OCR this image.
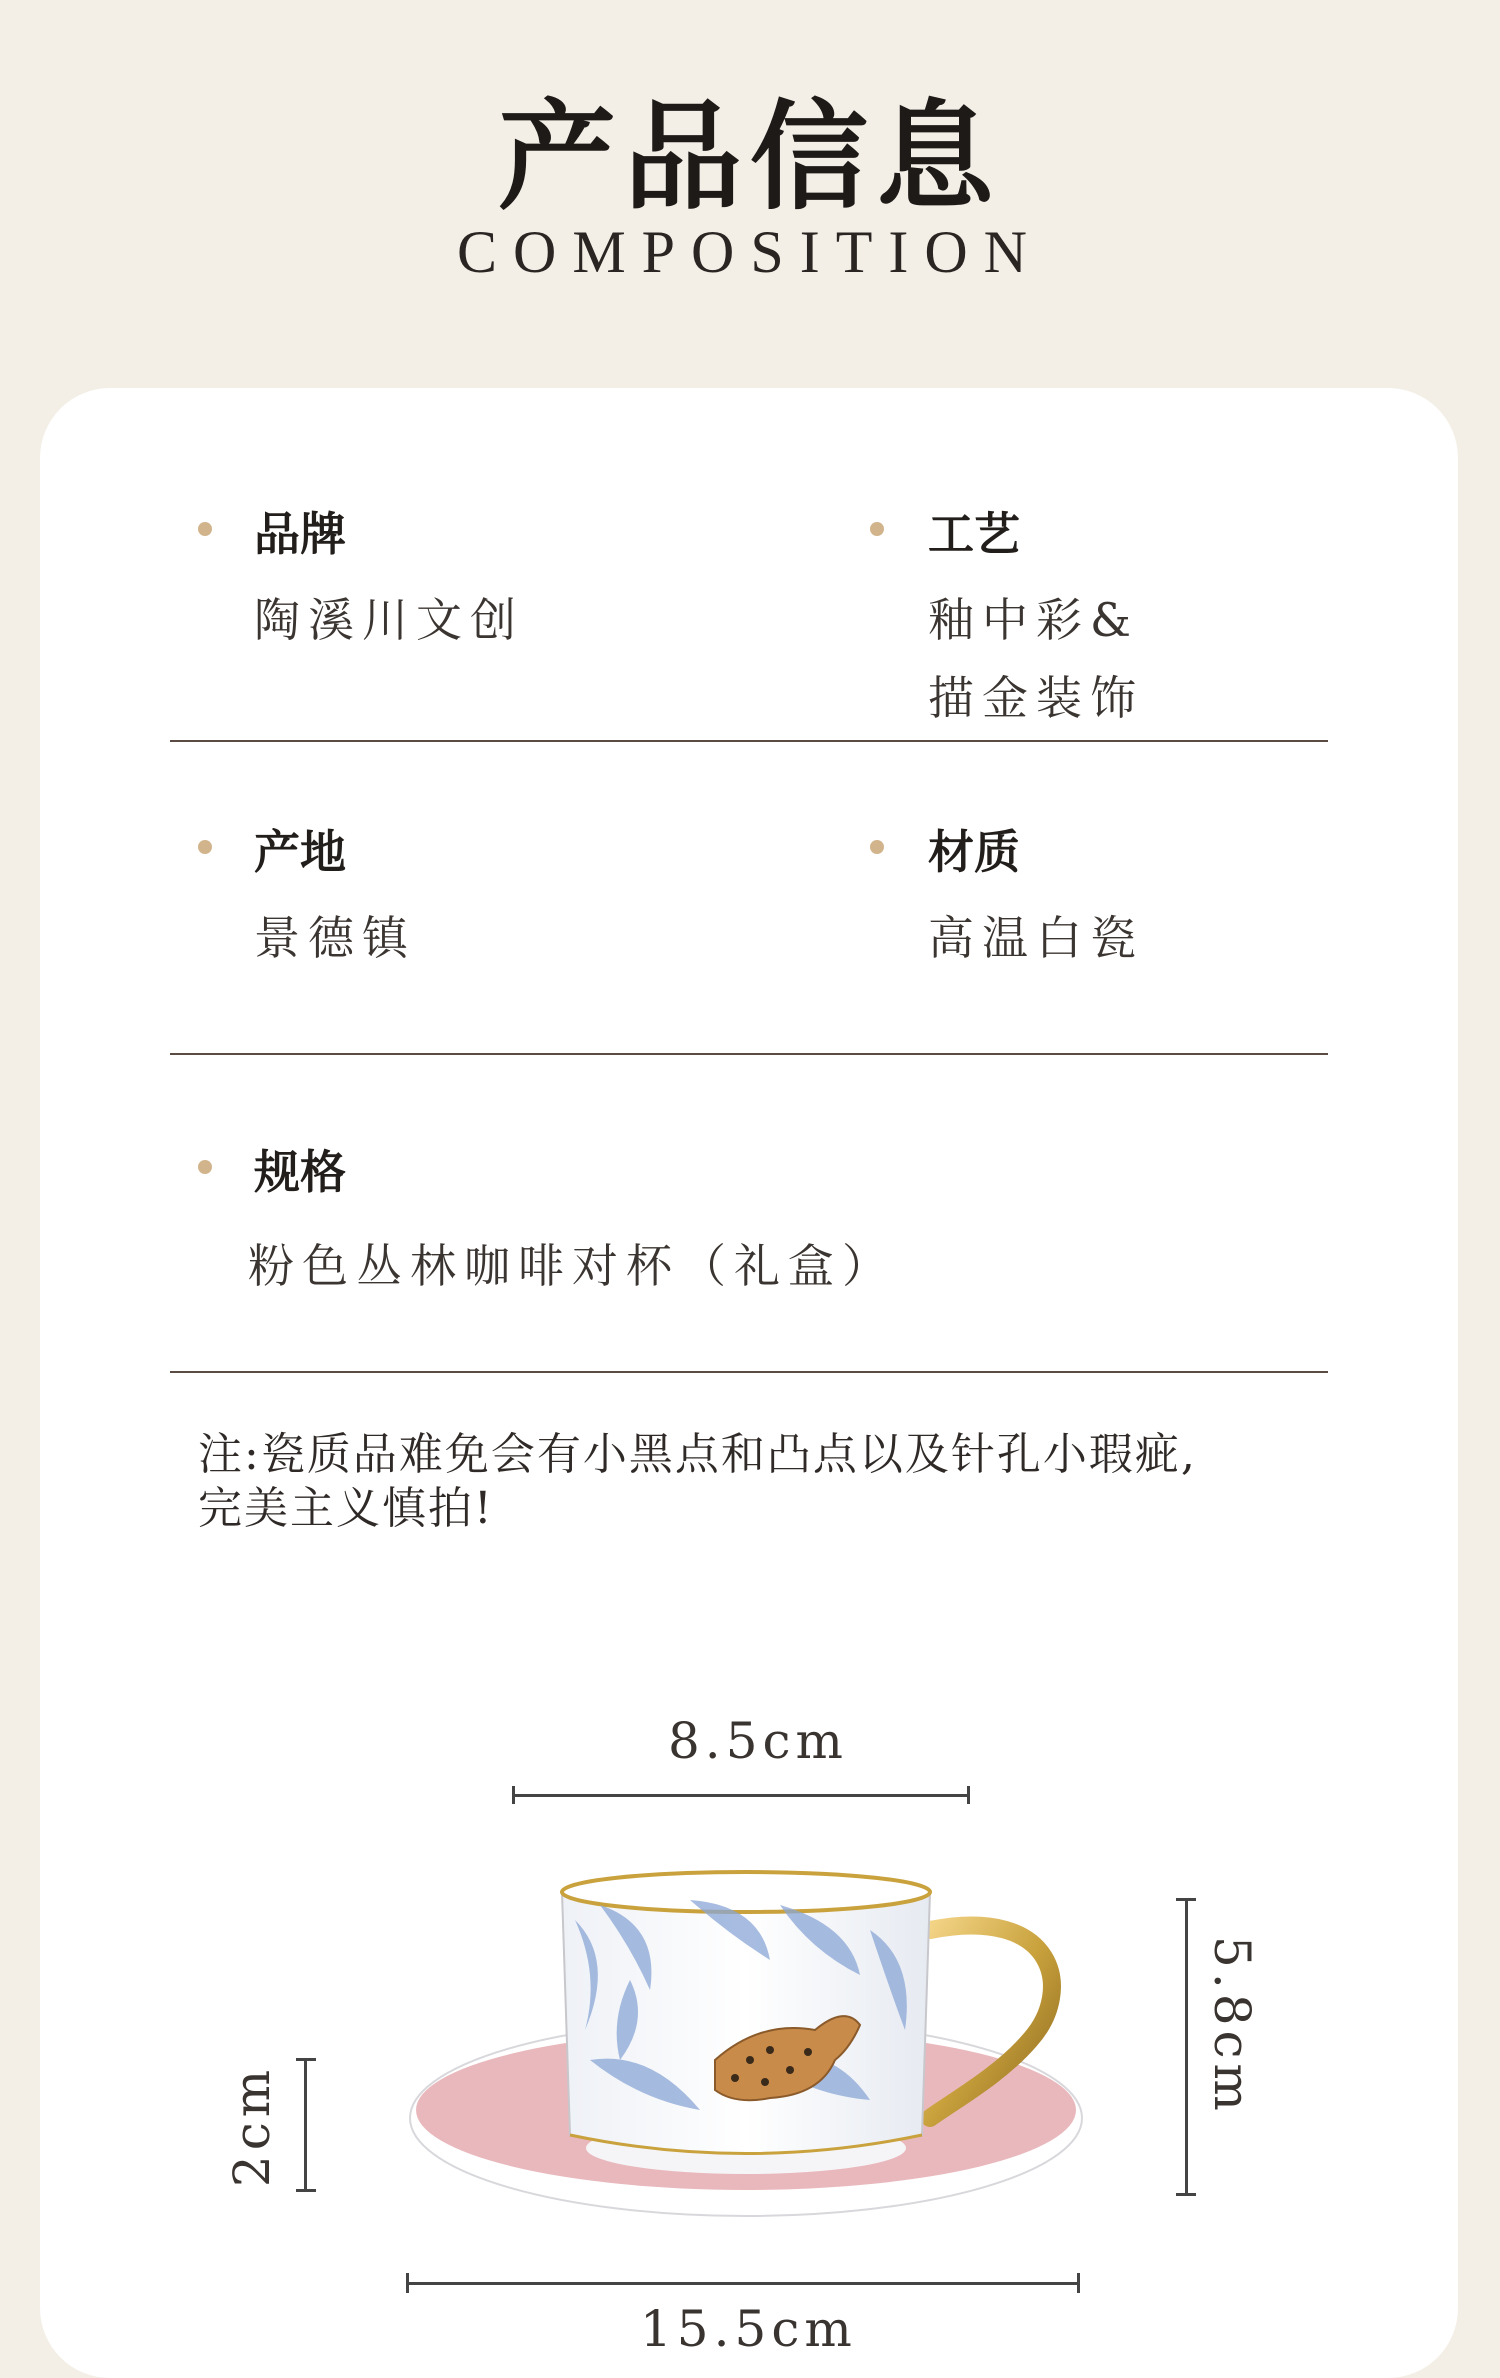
产品信息
COMPOSITION
品牌
陶溪川文创
工艺
釉中彩&
描金装饰
产地
景德镇
材质
高温白瓷
规格
粉色丛林咖啡对杯（礼盒）
注:瓷质品难免会有小黑点和凸点以及针孔小瑕疵,
完美主义慎拍!
8.5cm
5.8cm
2cm
15.5cm
